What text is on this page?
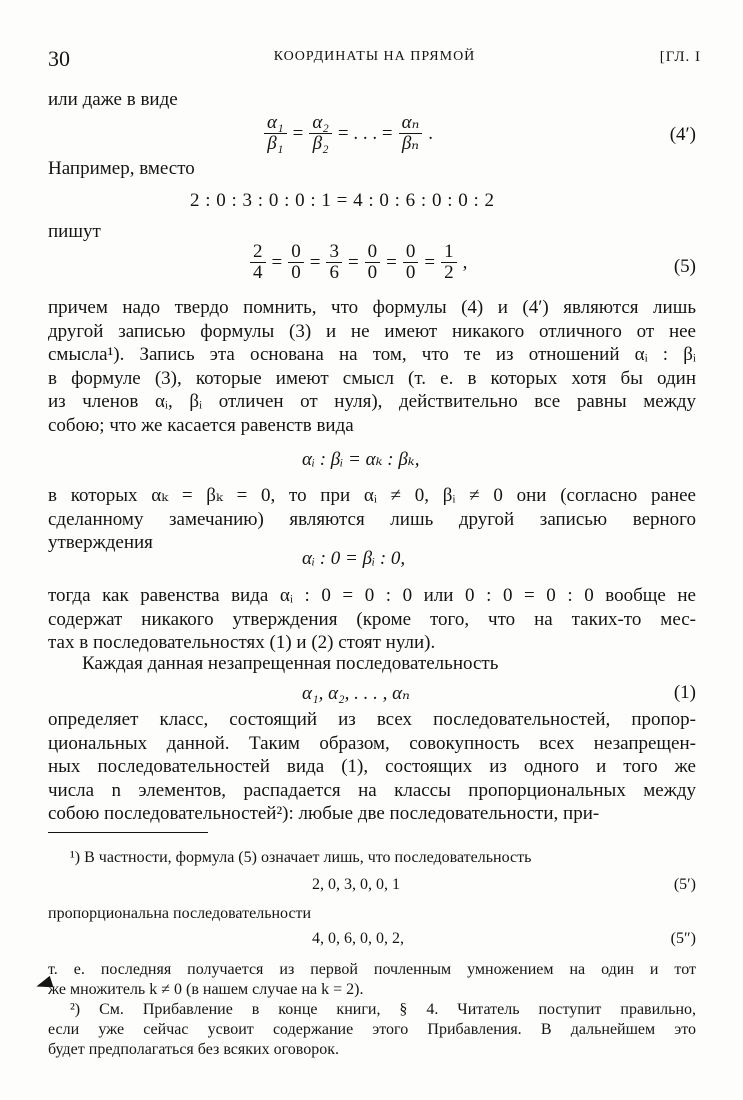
30	КООРДИНАТЫ НА ПРЯМОЙ	[ГЛ. I
или даже в виде
$\frac{\text{α₁}}{\text{β₁}} = \frac{\text{α₂}}{\text{β₂}}$ = . . . = $\frac{\text{αₙ}}{\text{βₙ}}$ .	(4′)
Например, вместо
2 : 0 : 3 : 0 : 0 : 1 = 4 : 0 : 6 : 0 : 0 : 2
пишут
$\frac{2}{4} = \frac{0}{0} = \frac{3}{6} = \frac{0}{0} = \frac{0}{0} = \frac{1}{2}$ ,	(5)
причем надо твердо помнить, что формулы (4) и (4′) являются лишь
другой записью формулы (3) и не имеют никакого отличного от нее
смысла¹). Запись эта основана на том, что те из отношений αᵢ : βᵢ
в формуле (3), которые имеют смысл (т. е. в которых хотя бы один
из членов αᵢ, βᵢ отличен от нуля), действительно все равны между
собою; что же касается равенств вида
αᵢ : βᵢ = αₖ : βₖ,
в которых αₖ = βₖ = 0, то при αᵢ ≠ 0, βᵢ ≠ 0 они (согласно ранее
сделанному замечанию) являются лишь другой записью верного
утверждения
αᵢ : 0 = βᵢ : 0,
тогда как равенства вида αᵢ : 0 = 0 : 0 или 0 : 0 = 0 : 0 вообще не
содержат никакого утверждения (кроме того, что на таких-то мес-
тах в последовательностях (1) и (2) стоят нули).
Каждая данная незапрещенная последовательность
α₁, α₂, . . . , αₙ	(1)
определяет класс, состоящий из всех последовательностей, пропор-
циональных данной. Таким образом, совокупность всех незапрещен-
ных последовательностей вида (1), состоящих из одного и того же
числа n элементов, распадается на классы пропорциональных между
собою последовательностей²): любые две последовательности, при-
¹) В частности, формула (5) означает лишь, что последовательность
2, 0, 3, 0, 0, 1	(5′)
пропорциональна последовательности
4, 0, 6, 0, 0, 2,	(5″)
т. е. последняя получается из первой почленным умножением на один и тот
же множитель k ≠ 0 (в нашем случае на k = 2).
²) См. Прибавление в конце книги, § 4. Читатель поступит правильно,
если уже сейчас усвоит содержание этого Прибавления. В дальнейшем это
будет предполагаться без всяких оговорок.
